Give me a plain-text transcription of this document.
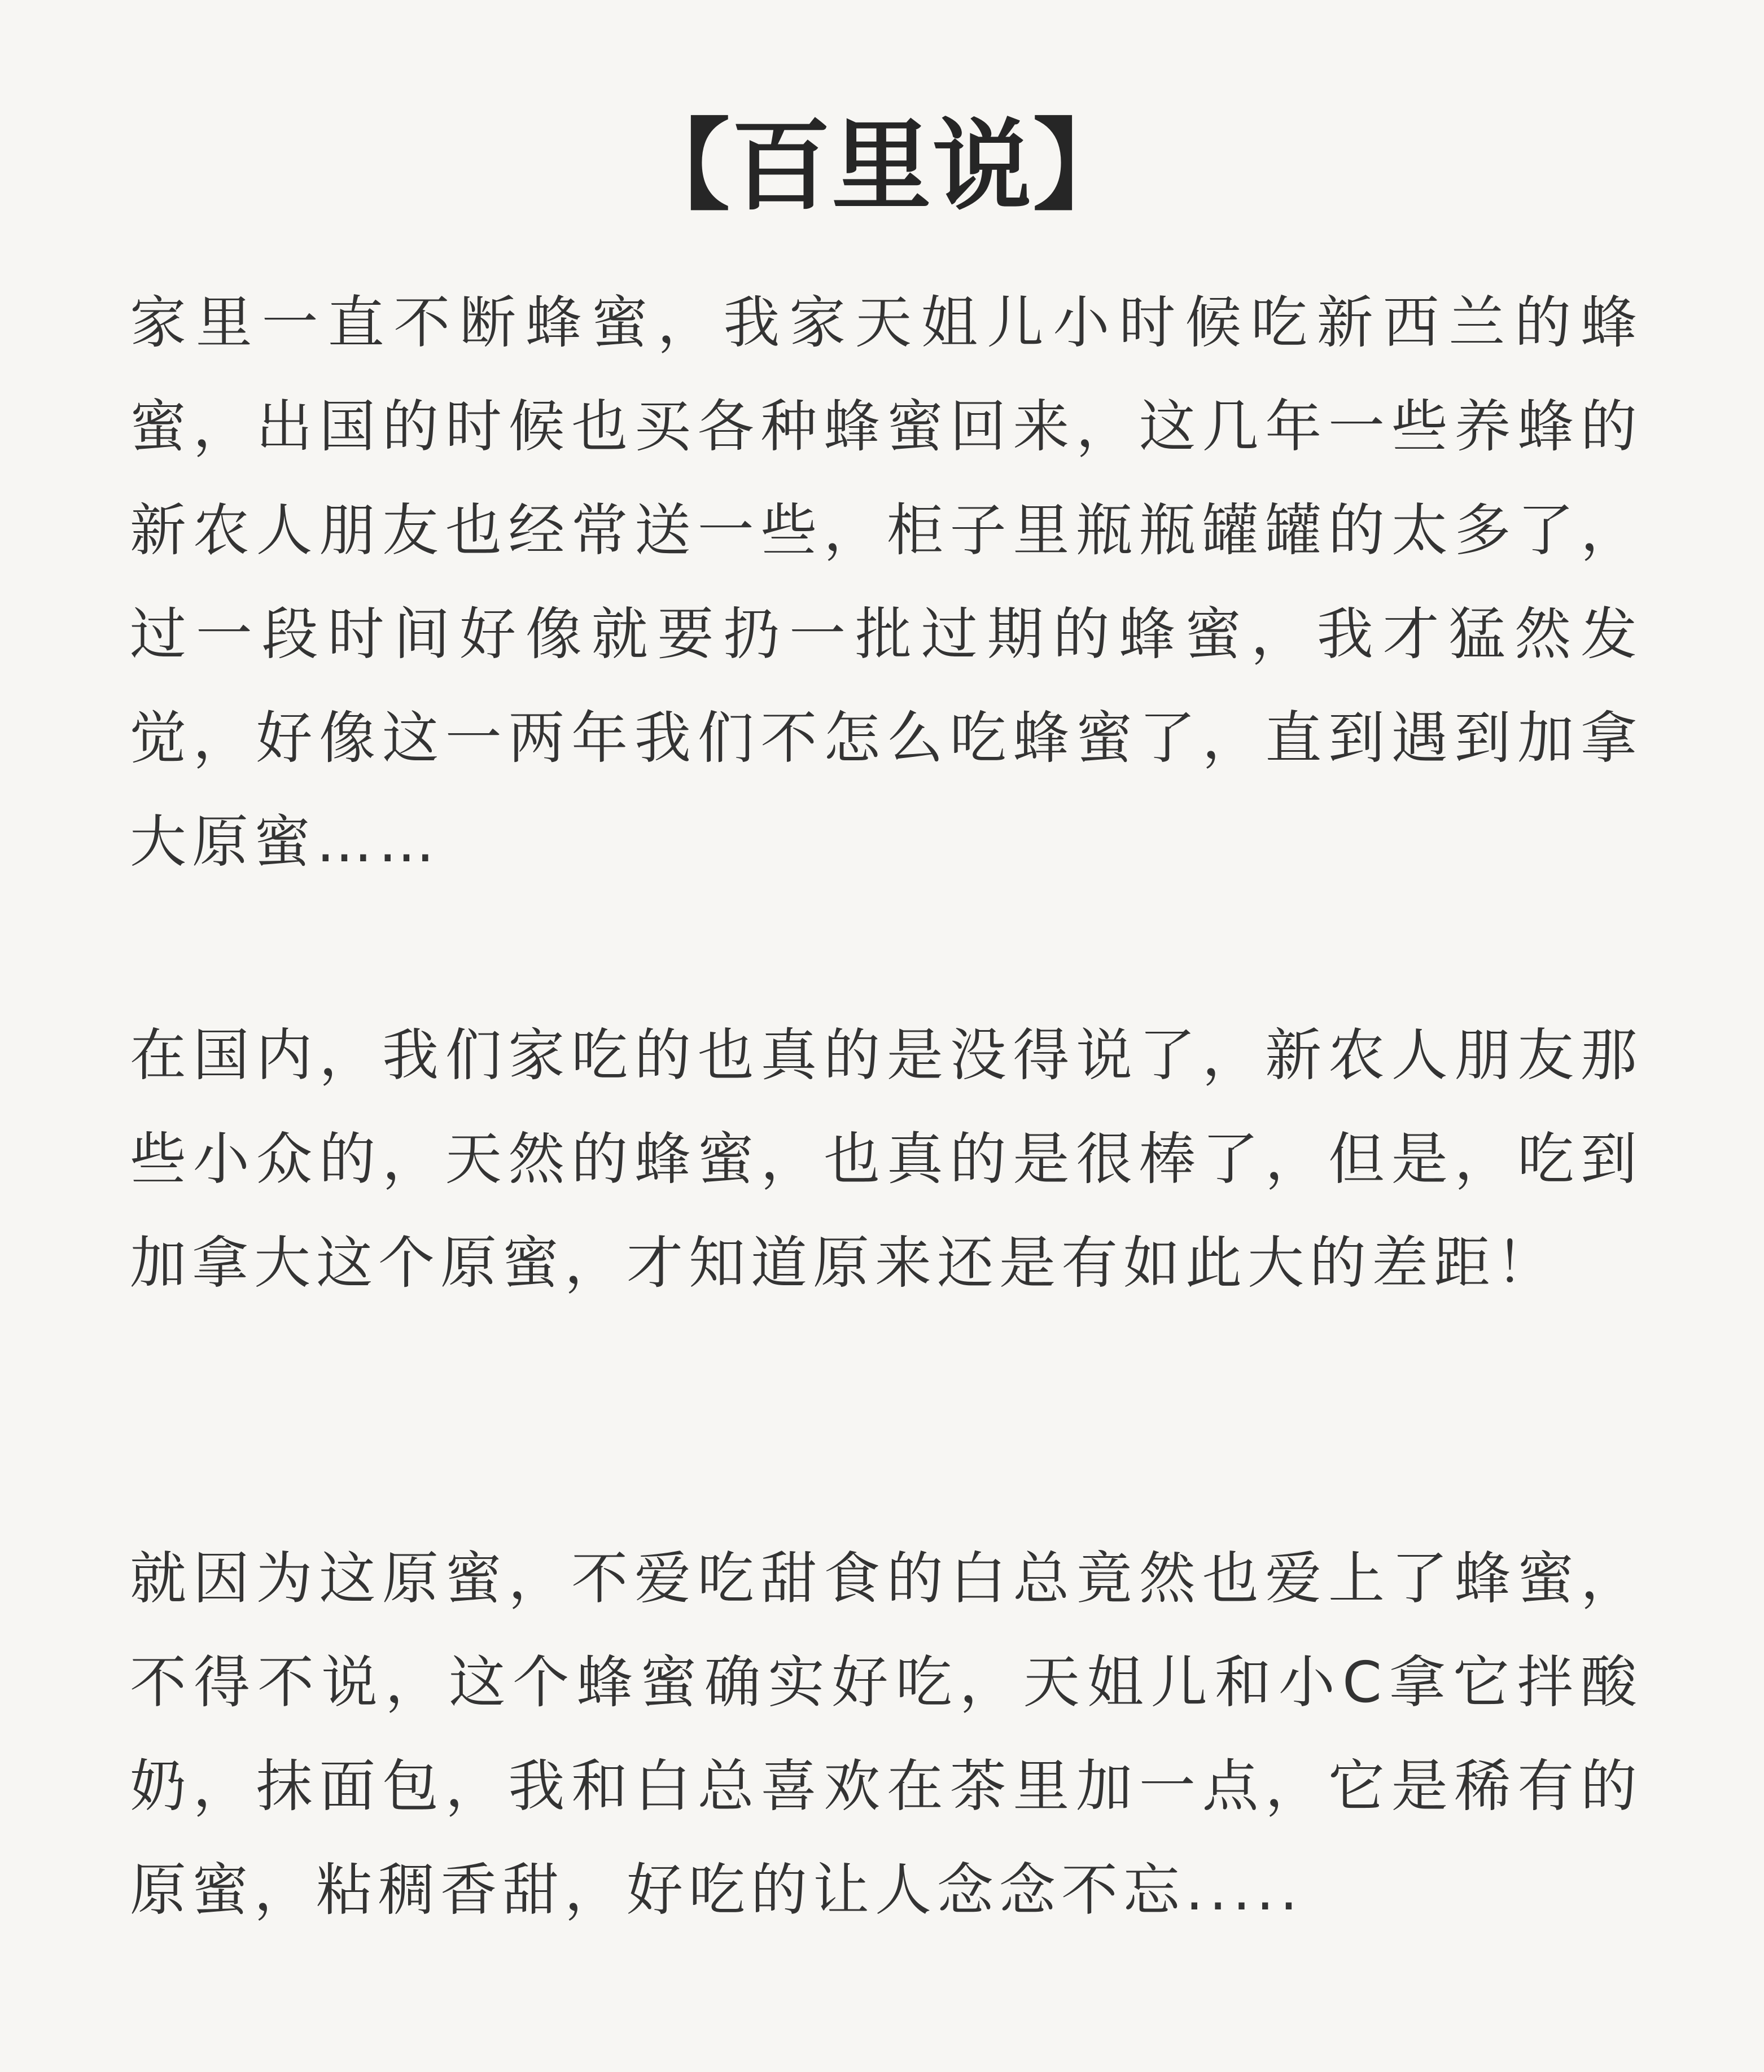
【百里说】

家里一直不断蜂蜜，我家天姐儿小时候吃新西兰的蜂蜜，出国的时候也买各种蜂蜜回来，这几年一些养蜂的新农人朋友也经常送一些，柜子里瓶瓶罐罐的太多了，过一段时间好像就要扔一批过期的蜂蜜，我才猛然发觉，好像这一两年我们不怎么吃蜂蜜了，直到遇到加拿大原蜜……

在国内，我们家吃的也真的是没得说了，新农人朋友那些小众的，天然的蜂蜜，也真的是很棒了，但是，吃到加拿大这个原蜜，才知道原来还是有如此大的差距！

就因为这原蜜，不爱吃甜食的白总竟然也爱上了蜂蜜，不得不说，这个蜂蜜确实好吃，天姐儿和小C拿它拌酸奶，抹面包，我和白总喜欢在茶里加一点，它是稀有的原蜜，粘稠香甜，好吃的让人念念不忘.....
